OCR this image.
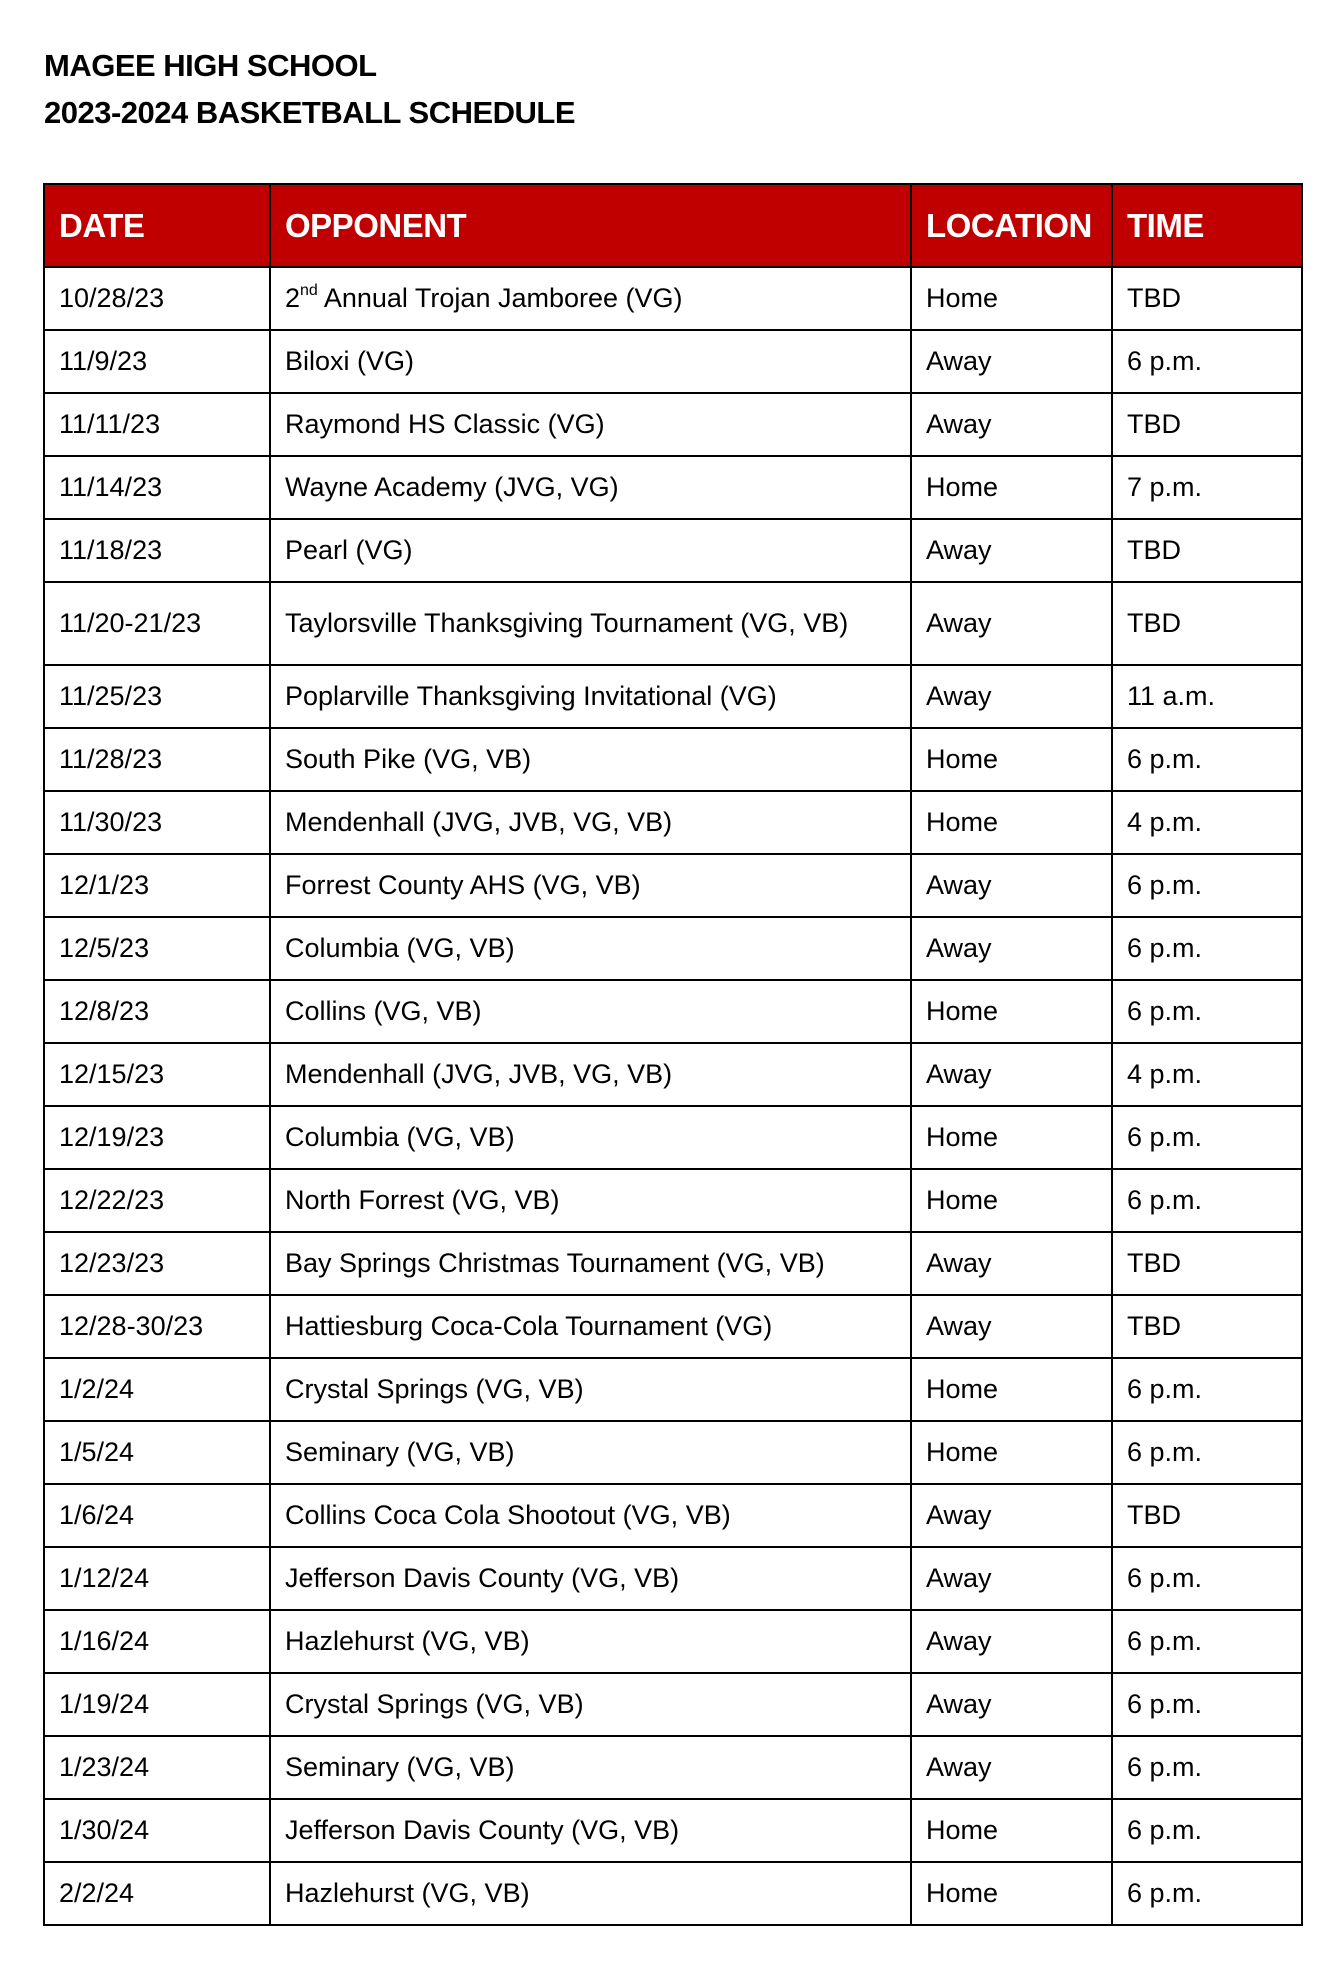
MAGEE HIGH SCHOOL
2023-2024 BASKETBALL SCHEDULE
DATE	OPPONENT	LOCATION	TIME
10/28/23	2nd Annual Trojan Jamboree (VG)	Home	TBD
11/9/23	Biloxi (VG)	Away	6 p.m.
11/11/23	Raymond HS Classic (VG)	Away	TBD
11/14/23	Wayne Academy (JVG, VG)	Home	7 p.m.
11/18/23	Pearl (VG)	Away	TBD
11/20-21/23	Taylorsville Thanksgiving Tournament (VG, VB)	Away	TBD
11/25/23	Poplarville Thanksgiving Invitational (VG)	Away	11 a.m.
11/28/23	South Pike (VG, VB)	Home	6 p.m.
11/30/23	Mendenhall (JVG, JVB, VG, VB)	Home	4 p.m.
12/1/23	Forrest County AHS (VG, VB)	Away	6 p.m.
12/5/23	Columbia (VG, VB)	Away	6 p.m.
12/8/23	Collins (VG, VB)	Home	6 p.m.
12/15/23	Mendenhall (JVG, JVB, VG, VB)	Away	4 p.m.
12/19/23	Columbia (VG, VB)	Home	6 p.m.
12/22/23	North Forrest (VG, VB)	Home	6 p.m.
12/23/23	Bay Springs Christmas Tournament (VG, VB)	Away	TBD
12/28-30/23	Hattiesburg Coca-Cola Tournament (VG)	Away	TBD
1/2/24	Crystal Springs (VG, VB)	Home	6 p.m.
1/5/24	Seminary (VG, VB)	Home	6 p.m.
1/6/24	Collins Coca Cola Shootout (VG, VB)	Away	TBD
1/12/24	Jefferson Davis County (VG, VB)	Away	6 p.m.
1/16/24	Hazlehurst (VG, VB)	Away	6 p.m.
1/19/24	Crystal Springs (VG, VB)	Away	6 p.m.
1/23/24	Seminary (VG, VB)	Away	6 p.m.
1/30/24	Jefferson Davis County (VG, VB)	Home	6 p.m.
2/2/24	Hazlehurst (VG, VB)	Home	6 p.m.
